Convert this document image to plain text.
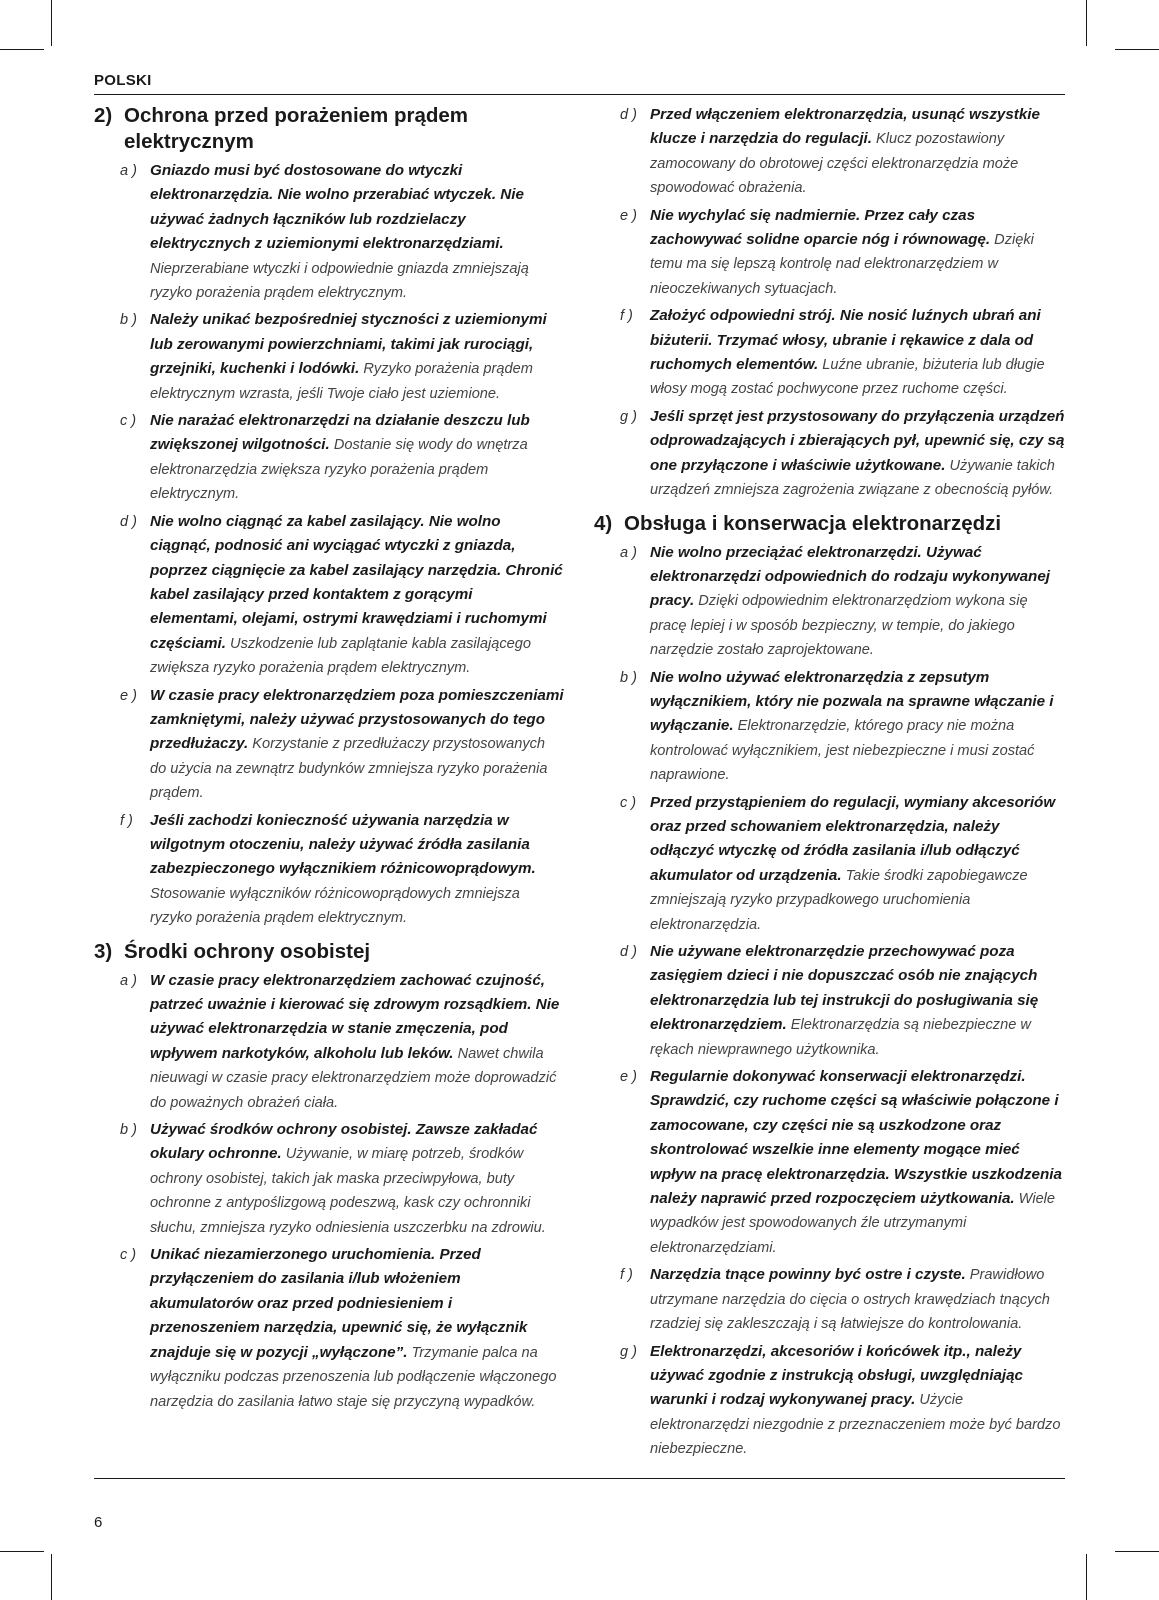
POLSKI
2) Ochrona przed porażeniem prądem elektrycznym
a ) Gniazdo musi być dostosowane do wtyczki elektronarzędzia. Nie wolno przerabiać wtyczek. Nie używać żadnych łączników lub rozdzielaczy elektrycznych z uziemionymi elektronarzędziami. Nieprzerabiane wtyczki i odpowiednie gniazda zmniejszają ryzyko porażenia prądem elektrycznym.
b ) Należy unikać bezpośredniej styczności z uziemionymi lub zerowanymi powierzchniami, takimi jak rurociągi, grzejniki, kuchenki i lodówki. Ryzyko porażenia prądem elektrycznym wzrasta, jeśli Twoje ciało jest uziemione.
c ) Nie narażać elektronarzędzi na działanie deszczu lub zwiększonej wilgotności. Dostanie się wody do wnętrza elektronarzędzia zwiększa ryzyko porażenia prądem elektrycznym.
d ) Nie wolno ciągnąć za kabel zasilający. Nie wolno ciągnąć, podnosić ani wyciągać wtyczki z gniazda, poprzez ciągnięcie za kabel zasilający narzędzia. Chronić kabel zasilający przed kontaktem z gorącymi elementami, olejami, ostrymi krawędziami i ruchomymi częściami. Uszkodzenie lub zaplątanie kabla zasilającego zwiększa ryzyko porażenia prądem elektrycznym.
e ) W czasie pracy elektronarzędziem poza pomieszczeniami zamkniętymi, należy używać przystosowanych do tego przedłużaczy. Korzystanie z przedłużaczy przystosowanych do użycia na zewnątrz budynków zmniejsza ryzyko porażenia prądem.
f )	Jeśli zachodzi konieczność używania narzędzia w wilgotnym otoczeniu, należy używać źródła zasilania zabezpieczonego wyłącznikiem różnicowoprądowym. Stosowanie wyłączników różnicowoprądowych zmniejsza ryzyko porażenia prądem elektrycznym.
3) Środki ochrony osobistej
a ) W czasie pracy elektronarzędziem zachować czujność, patrzeć uważnie i kierować się zdrowym rozsądkiem. Nie używać elektronarzędzia w stanie zmęczenia, pod wpływem narkotyków, alkoholu lub leków. Nawet chwila nieuwagi w czasie pracy elektronarzędziem może doprowadzić do poważnych obrażeń ciała.
b ) Używać środków ochrony osobistej. Zawsze zakładać okulary ochronne. Używanie, w miarę potrzeb, środków ochrony osobistej, takich jak maska przeciwpyłowa, buty ochronne z antypoślizgową podeszwą, kask czy ochronniki słuchu, zmniejsza ryzyko odniesienia uszczerbku na zdrowiu.
c ) Unikać niezamierzonego uruchomienia. Przed przyłączeniem do zasilania i/lub włożeniem akumulatorów oraz przed podniesieniem i przenoszeniem narzędzia, upewnić się, że wyłącznik znajduje się w pozycji „wyłączone”. Trzymanie palca na wyłączniku podczas przenoszenia lub podłączenie włączonego narzędzia do zasilania łatwo staje się przyczyną wypadków.
d ) Przed włączeniem elektronarzędzia, usunąć wszystkie klucze i narzędzia do regulacji. Klucz pozostawiony zamocowany do obrotowej części elektronarzędzia może spowodować obrażenia.
e ) Nie wychylać się nadmiernie. Przez cały czas zachowywać solidne oparcie nóg i równowagę. Dzięki temu ma się lepszą kontrolę nad elektronarzędziem w nieoczekiwanych sytuacjach.
f )	Założyć odpowiedni strój. Nie nosić luźnych ubrań ani biżuterii. Trzymać włosy, ubranie i rękawice z dala od ruchomych elementów. Luźne ubranie, biżuteria lub długie włosy mogą zostać pochwycone przez ruchome części.
g ) Jeśli sprzęt jest przystosowany do przyłączenia urządzeń odprowadzających i zbierających pył, upewnić się, czy są one przyłączone i właściwie użytkowane. Używanie takich urządzeń zmniejsza zagrożenia związane z obecnością pyłów.
4) Obsługa i konserwacja elektronarzędzi
a ) Nie wolno przeciążać elektronarzędzi. Używać elektronarzędzi odpowiednich do rodzaju wykonywanej pracy. Dzięki odpowiednim elektronarzędziom wykona się pracę lepiej i w sposób bezpieczny, w tempie, do jakiego narzędzie zostało zaprojektowane.
b ) Nie wolno używać elektronarzędzia z zepsutym wyłącznikiem, który nie pozwala na sprawne włączanie i wyłączanie. Elektronarzędzie, którego pracy nie można kontrolować wyłącznikiem, jest niebezpieczne i musi zostać naprawione.
c ) Przed przystąpieniem do regulacji, wymiany akcesoriów oraz przed schowaniem elektronarzędzia, należy odłączyć wtyczkę od źródła zasilania i/lub odłączyć akumulator od urządzenia. Takie środki zapobiegawcze zmniejszają ryzyko przypadkowego uruchomienia elektronarzędzia.
d ) Nie używane elektronarzędzie przechowywać poza zasięgiem dzieci i nie dopuszczać osób nie znających elektronarzędzia lub tej instrukcji do posługiwania się elektronarzędziem. Elektronarzędzia są niebezpieczne w rękach niewprawnego użytkownika.
e ) Regularnie dokonywać konserwacji elektronarzędzi. Sprawdzić, czy ruchome części są właściwie połączone i zamocowane, czy części nie są uszkodzone oraz skontrolować wszelkie inne elementy mogące mieć wpływ na pracę elektronarzędzia. Wszystkie uszkodzenia należy naprawić przed rozpoczęciem użytkowania. Wiele wypadków jest spowodowanych źle utrzymanymi elektronarzędziami.
f )	Narzędzia tnące powinny być ostre i czyste. Prawidłowo utrzymane narzędzia do cięcia o ostrych krawędziach tnących rzadziej się zakleszczają i są łatwiejsze do kontrolowania.
g ) Elektronarzędzi, akcesoriów i końcówek itp., należy używać zgodnie z instrukcją obsługi, uwzględniając warunki i rodzaj wykonywanej pracy. Użycie elektronarzędzi niezgodnie z przeznaczeniem może być bardzo niebezpieczne.
6
